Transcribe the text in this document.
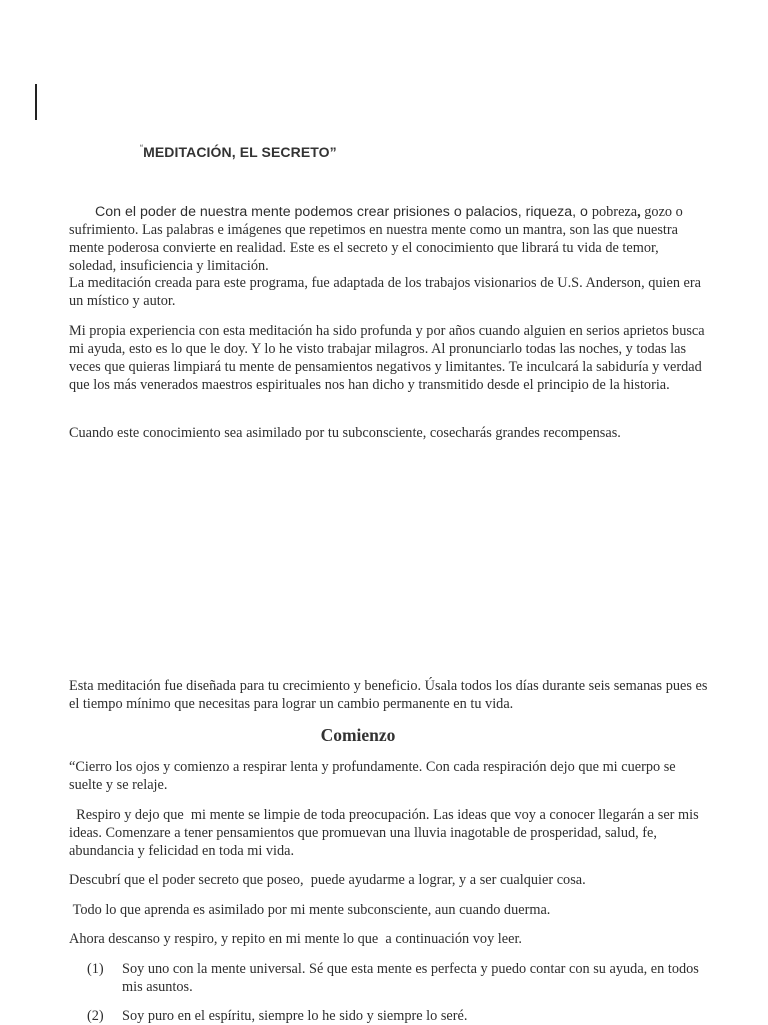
“MEDITACIÓN, EL SECRETO”

Con el poder de nuestra mente podemos crear prisiones o palacios, riqueza, o pobreza, gozo o sufrimiento. Las palabras e imágenes que repetimos en nuestra mente como un mantra, son las que nuestra mente poderosa convierte en realidad. Este es el secreto y el conocimiento que librará tu vida de temor, soledad, insuficiencia y limitación.

La meditación creada para este programa, fue adaptada de los trabajos visionarios de U.S. Anderson, quien era un místico y autor.

Mi propia experiencia con esta meditación ha sido profunda y por años cuando alguien en serios aprietos busca mi ayuda, esto es lo que le doy. Y lo he visto trabajar milagros. Al pronunciarlo todas las noches, y todas las veces que quieras limpiará tu mente de pensamientos negativos y limitantes. Te inculcará la sabiduría y verdad que los más venerados maestros espirituales nos han dicho y transmitido desde el principio de la historia.

Cuando este conocimiento sea asimilado por tu subconsciente, cosecharás grandes recompensas.

Esta meditación fue diseñada para tu crecimiento y beneficio. Úsala todos los días durante seis semanas pues es el tiempo mínimo que necesitas para lograr un cambio permanente en tu vida.

Comienzo

“Cierro los ojos y comienzo a respirar lenta y profundamente. Con cada respiración dejo que mi cuerpo se suelte y se relaje.

Respiro y dejo que  mi mente se limpie de toda preocupación. Las ideas que voy a conocer llegarán a ser mis ideas. Comenzare a tener pensamientos que promuevan una lluvia inagotable de prosperidad, salud, fe, abundancia y felicidad en toda mi vida.

Descubrí que el poder secreto que poseo,  puede ayudarme a lograr, y a ser cualquier cosa.

Todo lo que aprenda es asimilado por mi mente subconsciente, aun cuando duerma.

Ahora descanso y respiro, y repito en mi mente lo que  a continuación voy leer.

(1)	Soy uno con la mente universal. Sé que esta mente es perfecta y puedo contar con su ayuda, en todos mis asuntos.
(2)	Soy puro en el espíritu, siempre lo he sido y siempre lo seré.
